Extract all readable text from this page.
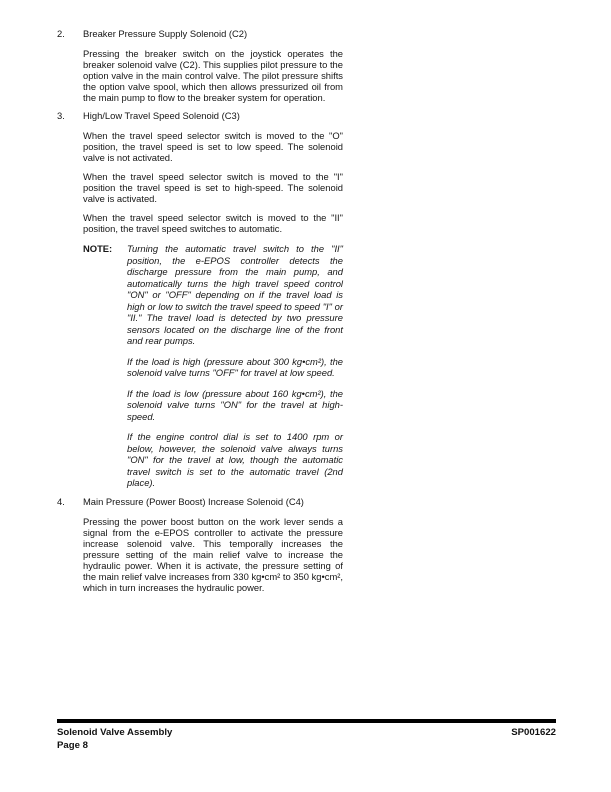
2.	Breaker Pressure Supply Solenoid (C2)

Pressing the breaker switch on the joystick operates the breaker solenoid valve (C2). This supplies pilot pressure to the option valve in the main control valve. The pilot pressure shifts the option valve spool, which then allows pressurized oil from the main pump to flow to the breaker system for operation.

3.	High/Low Travel Speed Solenoid (C3)

When the travel speed selector switch is moved to the "O" position, the travel speed is set to low speed. The solenoid valve is not activated.

When the travel speed selector switch is moved to the "I" position the travel speed is set to high-speed. The solenoid valve is activated.

When the travel speed selector switch is moved to the "II" position, the travel speed switches to automatic.

NOTE:	Turning the automatic travel switch to the "II" position, the e-EPOS controller detects the discharge pressure from the main pump, and automatically turns the high travel speed control "ON" or "OFF" depending on if the travel load is high or low to switch the travel speed to speed "I" or "II." The travel load is detected by two pressure sensors located on the discharge line of the front and rear pumps.

If the load is high (pressure about 300 kg•cm²), the solenoid valve turns "OFF" for travel at low speed.

If the load is low (pressure about 160 kg•cm²), the solenoid valve turns "ON" for the travel at high-speed.

If the engine control dial is set to 1400 rpm or below, however, the solenoid valve always turns "ON" for the travel at low, though the automatic travel switch is set to the automatic travel (2nd place).

4.	Main Pressure (Power Boost) Increase Solenoid (C4)

Pressing the power boost button on the work lever sends a signal from the e-EPOS controller to activate the pressure increase solenoid valve. This temporally increases the pressure setting of the main relief valve to increase the hydraulic power. When it is activate, the pressure setting of the main relief valve increases from 330 kg•cm² to 350 kg•cm², which in turn increases the hydraulic power.

Solenoid Valve Assembly
Page 8
SP001622
